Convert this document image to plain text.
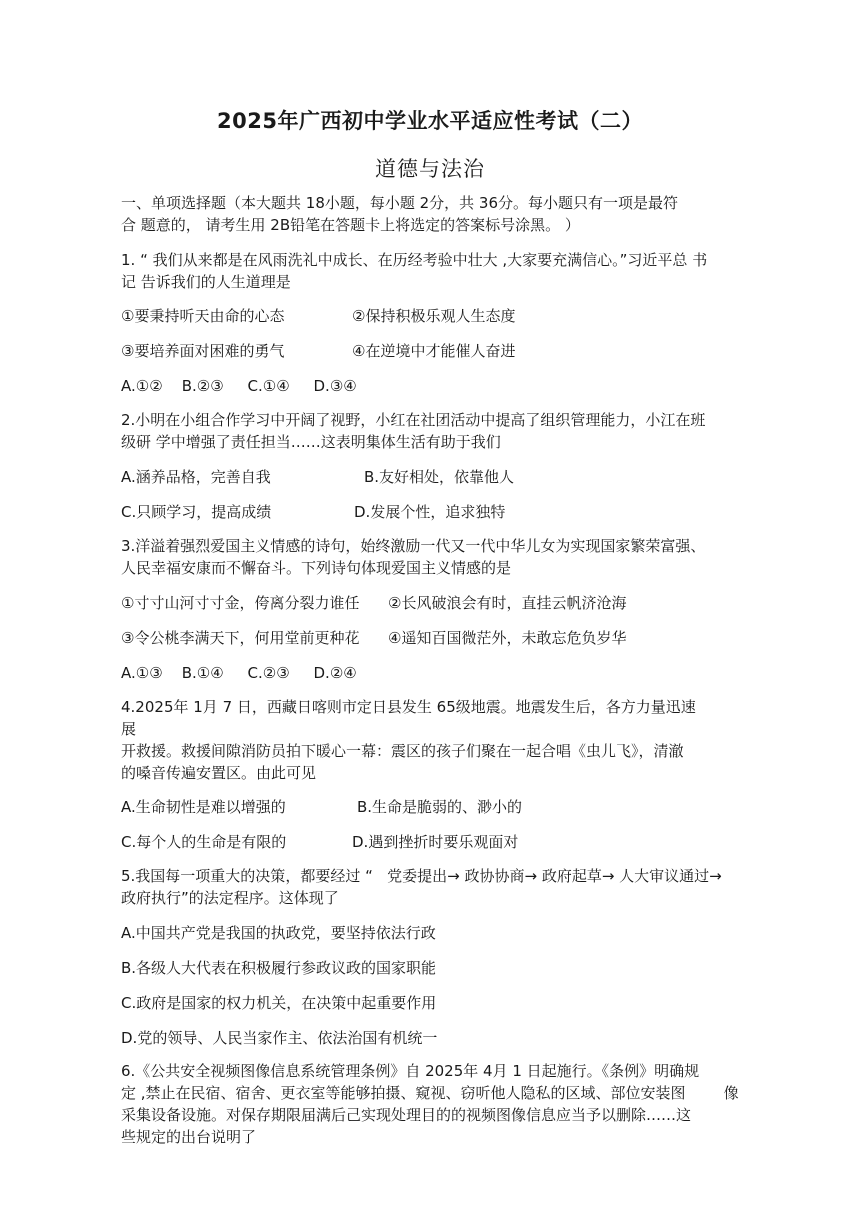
2025年广西初中学业水平适应性考试（二）
道德与法治
一、单项选择题（本大题共 18小题，每小题 2分，共 36分。每小题只有一项是最符
合 题意的， 请考生用 2B铅笔在答题卡上将选定的答案标号涂黑。 ）
1. “ 我们从来都是在风雨洗礼中成长、在历经考验中壮大 ,大家要充满信心。”习近平总 书
记 告诉我们的人生道理是
①要秉持听天由命的心态	②保持积极乐观人生态度
③要培养面对困难的勇气	④在逆境中才能催人奋进
A.①②    B.②③     C.①④     D.③④
2.小明在小组合作学习中开阔了视野，小红在社团活动中提高了组织管理能力，小江在班
级研 学中增强了责任担当……这表明集体生活有助于我们
A.涵养品格，完善自我	B.友好相处，依靠他人
C.只顾学习，提高成绩	D.发展个性，追求独特
3.洋溢着强烈爱国主义情感的诗句，始终激励一代又一代中华儿女为实现国家繁荣富强、
人民幸福安康而不懈奋斗。下列诗句体现爱国主义情感的是
①寸寸山河寸寸金，侉离分裂力谁任 ②长风破浪会有时，直挂云帆济沧海
③令公桃李满天下，何用堂前更种花 ④遥知百国微茫外，未敢忘危负岁华
A.①③    B.①④     C.②③     D.②④
4.2025年 1月 7 日，西藏日喀则市定日县发生 65级地震。地震发生后，各方力量迅速
展
开救援。救援间隙消防员拍下暖心一幕：震区的孩子们聚在一起合唱《虫儿飞》，清澈
的嗓音传遍安置区。由此可见
A.生命韧性是难以增强的	B.生命是脆弱的、渺小的
C.每个人的生命是有限的	D.遇到挫折时要乐观面对
5.我国每一项重大的决策，都要经过 “   党委提出→ 政协协商→ 政府起草→ 人大审议通过→
政府执行”的法定程序。这体现了
A.中国共产党是我国的执政党，要坚持依法行政
B.各级人大代表在积极履行参政议政的国家职能
C.政府是国家的权力机关，在决策中起重要作用
D.党的领导、人民当家作主、依法治国有机统一
6.《公共安全视频图像信息系统管理条例》自 2025年 4月 1 日起施行。《条例》明确规
定 ,禁止在民宿、宿舍、更衣室等能够拍摄、窥视、窃听他人隐私的区域、部位安装图        像
采集设备设施。对保存期限届满后己实现处理目的的视频图像信息应当予以删除……这
些规定的出台说明了
